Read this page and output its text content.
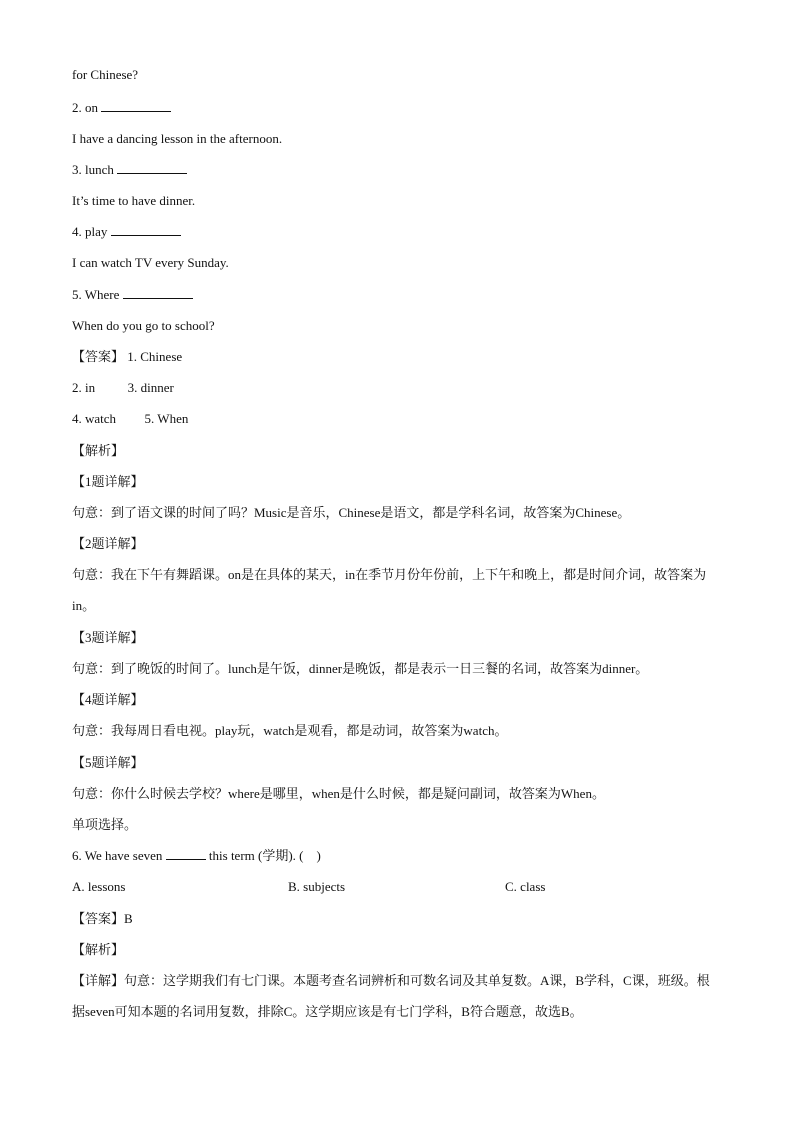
for Chinese?
2. on
I have a dancing lesson in the afternoon.
3. lunch
It’s time to have dinner.
4. play
I can watch TV every Sunday.
5. Where
When do you go to school?
【答案】 1. Chinese
2. in	3. dinner
4. watch 5. When
【解析】
【1题详解】
句意：到了语文课的时间了吗？Music是音乐，Chinese是语文，都是学科名词，故答案为Chinese。
【2题详解】
句意：我在下午有舞蹈课。on是在具体的某天，in在季节月份年份前，上下午和晚上，都是时间介词，故答案为in。
【3题详解】
句意：到了晚饭的时间了。lunch是午饭，dinner是晚饭，都是表示一日三餐的名词，故答案为dinner。
【4题详解】
句意：我每周日看电视。play玩，watch是观看，都是动词，故答案为watch。
【5题详解】
句意：你什么时候去学校？where是哪里，when是什么时候，都是疑问副词，故答案为When。
单项选择。
6. We have seven	this term (学期). (　)
A. lessons	B. subjects	C. class
【答案】B
【解析】
【详解】句意：这学期我们有七门课。本题考查名词辨析和可数名词及其单复数。A课，B学科，C课，班级。根据seven可知本题的名词用复数，排除C。这学期应该是有七门学科，B符合题意，故选B。
